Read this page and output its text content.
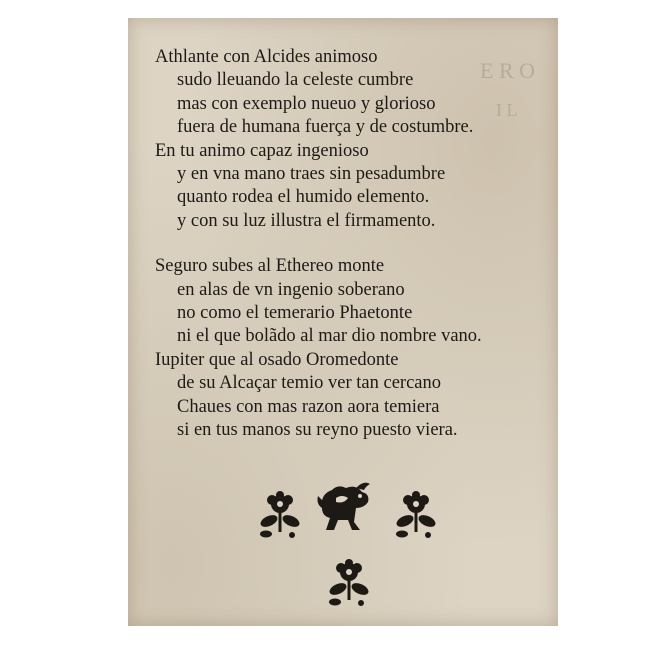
E R O
I L
Athlante con Alcides animoso
sudo lleuando la celeste cumbre
mas con exemplo nueuo y glorioso
fuera de humana fuerça y de costumbre.
En tu animo capaz ingenioso
y en vna mano traes sin pesadumbre
quanto rodea el humido elemento.
y con su luz illustra el firmamento.
Seguro subes al Ethereo monte
en alas de vn ingenio soberano
no como el temerario Phaetonte
ni el que bolãdo al mar dio nombre vano.
Iupiter que al osado Oromedonte
de su Alcaçar temio ver tan cercano
Chaues con mas razon aora temiera
si en tus manos su reyno puesto viera.
